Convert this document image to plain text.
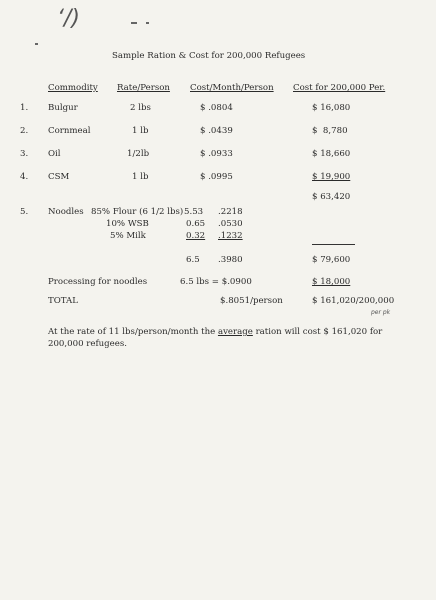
‘/)
Sample Ration & Cost for 200,000 Refugees
Commodity Rate/Person Cost/Month/Person Cost for 200,000 Per.
1. Bulgur	2 lbs	$ .0804	$ 16,080
2. Cornmeal	1 lb	$ .0439	$  8,780
3. Oil	1/2lb	$ .0933	$ 18,660
4. CSM	1 lb	$ .0995	$ 19,900
$ 63,420
5. Noodles 85% Flour (6 1/2 lbs) 5.53 .2218
10% WSB	0.65 .0530
5% Milk	0.32 .1232
6.5 .3980	$ 79,600
Processing for noodles	6.5 lbs = $.0900	$ 18,000
TOTAL	$.8051/person	$ 161,020/200,000
per pk
At the rate of 11 lbs/person/month the average ration will cost $ 161,020 for
200,000 refugees.
